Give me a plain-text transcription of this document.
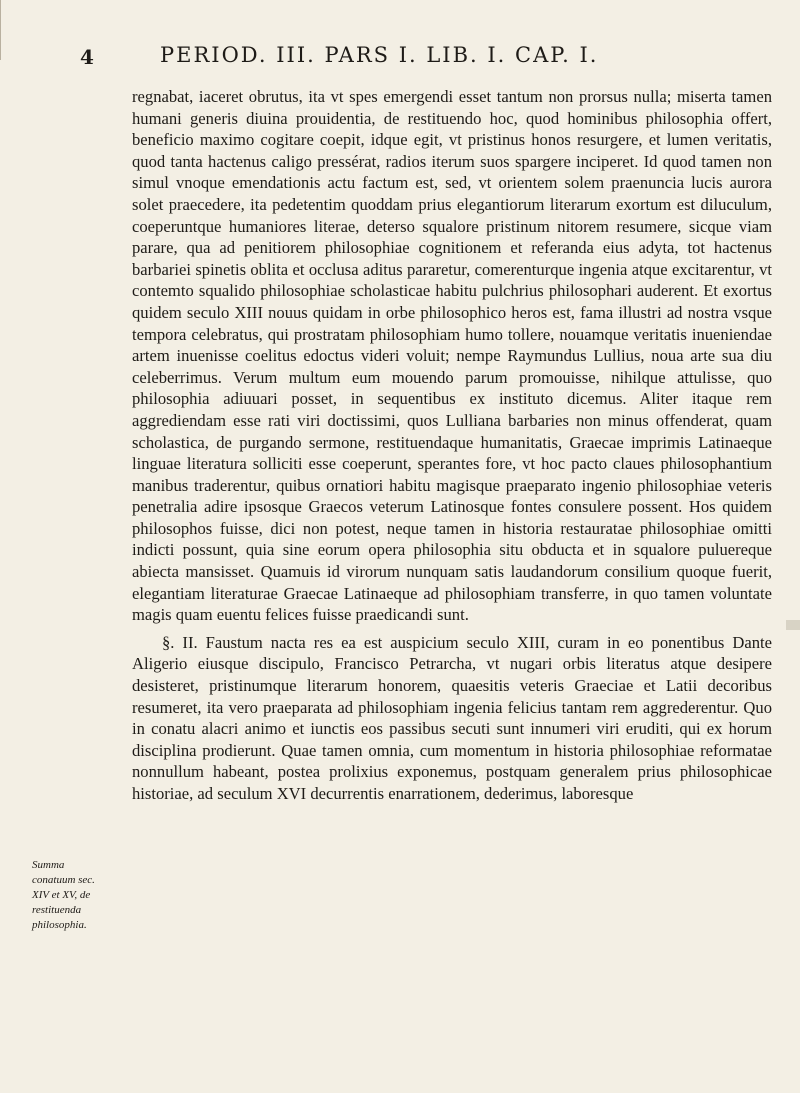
4	PERIOD. III. PARS I. LIB. I. CAP. I.

regnabat, iaceret obrutus, ita vt spes emergendi esset tantum non prorsus nulla; miserta tamen humani generis diuina prouidentia, de restituendo hoc, quod hominibus philosophia offert, beneficio maximo cogitare coepit, idque egit, vt pristinus honos resurgere, et lumen veritatis, quod tanta hactenus caligo pressérat, radios iterum suos spargere inciperet. Id quod tamen non simul vnoque emendationis actu factum est, sed, vt orientem solem praenuncia lucis aurora solet praecedere, ita pedetentim quoddam prius elegantiorum literarum exortum est diluculum, coeperuntque humaniores literae, deterso squalore pristinum nitorem resumere, sicque viam parare, qua ad penitiorem philosophiae cognitionem et referanda eius adyta, tot hactenus barbariei spinetis oblita et occlusa aditus pararetur, comerenturque ingenia atque excitarentur, vt contemto squalido philosophiae scholasticae habitu pulchrius philosophari auderent. Et exortus quidem seculo XIII nouus quidam in orbe philosophico heros est, fama illustri ad nostra vsque tempora celebratus, qui prostratam philosophiam humo tollere, nouamque veritatis inueniendae artem inuenisse coelitus edoctus videri voluit; nempe Raymundus Lullius, noua arte sua diu celeberrimus. Verum multum eum mouendo parum promouisse, nihilque attulisse, quo philosophia adiuuari posset, in sequentibus ex instituto dicemus. Aliter itaque rem aggrediendam esse rati viri doctissimi, quos Lulliana barbaries non minus offenderat, quam scholastica, de purgando sermone, restituendaque humanitatis, Graecae imprimis Latinaeque linguae literatura solliciti esse coeperunt, sperantes fore, vt hoc pacto claues philosophantium manibus traderentur, quibus ornatiori habitu magisque praeparato ingenio philosophiae veteris penetralia adire ipsosque Graecos veterum Latinosque fontes consulere possent. Hos quidem philosophos fuisse, dici non potest, neque tamen in historia restauratae philosophiae omitti indicti possunt, quia sine eorum opera philosophia situ obducta et in squalore puluereque abiecta mansisset. Quamuis id virorum nunquam satis laudandorum consilium quoque fuerit, elegantiam literaturae Graecae Latinaeque ad philosophiam transferre, in quo tamen voluntate magis quam euentu felices fuisse praedicandi sunt.

§. II. Faustum nacta res ea est auspicium seculo XIII, curam in eo ponentibus Dante Aligerio eiusque discipulo, Francisco Petrarcha, vt nugari orbis literatus atque desipere desisteret, pristinumque literarum honorem, quaesitis veteris Graeciae et Latii decoribus resumeret, ita vero praeparata ad philosophiam ingenia felicius tantam rem aggrederentur. Quo in conatu alacri animo et iunctis eos passibus secuti sunt innumeri viri eruditi, qui ex horum disciplina prodierunt. Quae tamen omnia, cum momentum in historia philosophiae reformatae nonnullum habeant, postea prolixius exponemus, postquam generalem prius philosophicae historiae, ad seculum XVI decurrentis enarrationem, dederimus, laboresque

Summa conatuum sec. XIV et XV, de restituenda philosophia.
